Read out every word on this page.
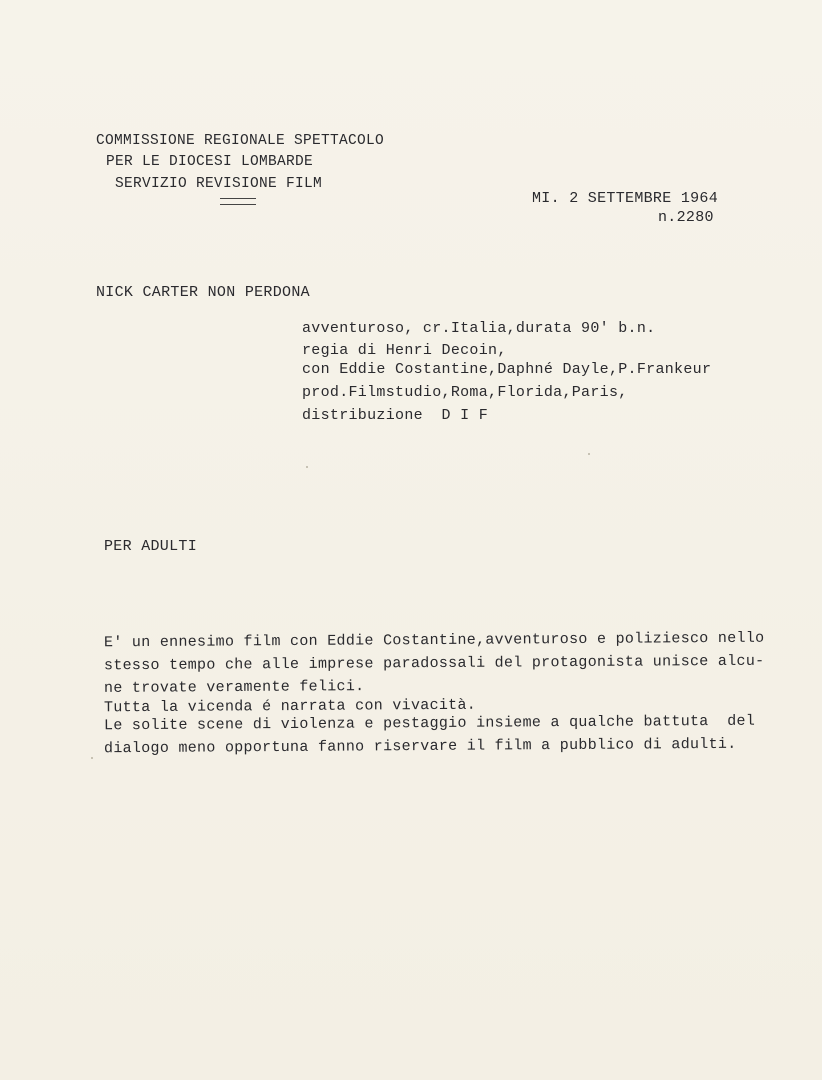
COMMISSIONE REGIONALE SPETTACOLO
PER LE DIOCESI LOMBARDE
SERVIZIO REVISIONE FILM
MI. 2 SETTEMBRE 1964
n.2280
NICK CARTER NON PERDONA
avventuroso, cr.Italia,durata 90' b.n.
regia di Henri Decoin,
con Eddie Costantine,Daphné Dayle,P.Frankeur
prod.Filmstudio,Roma,Florida,Paris,
distribuzione  D I F
PER ADULTI
E' un ennesimo film con Eddie Costantine,avventuroso e poliziesco nello
stesso tempo che alle imprese paradossali del protagonista unisce alcu-
ne trovate veramente felici.
Tutta la vicenda é narrata con vivacità.
Le solite scene di violenza e pestaggio insieme a qualche battuta  del
dialogo meno opportuna fanno riservare il film a pubblico di adulti.
